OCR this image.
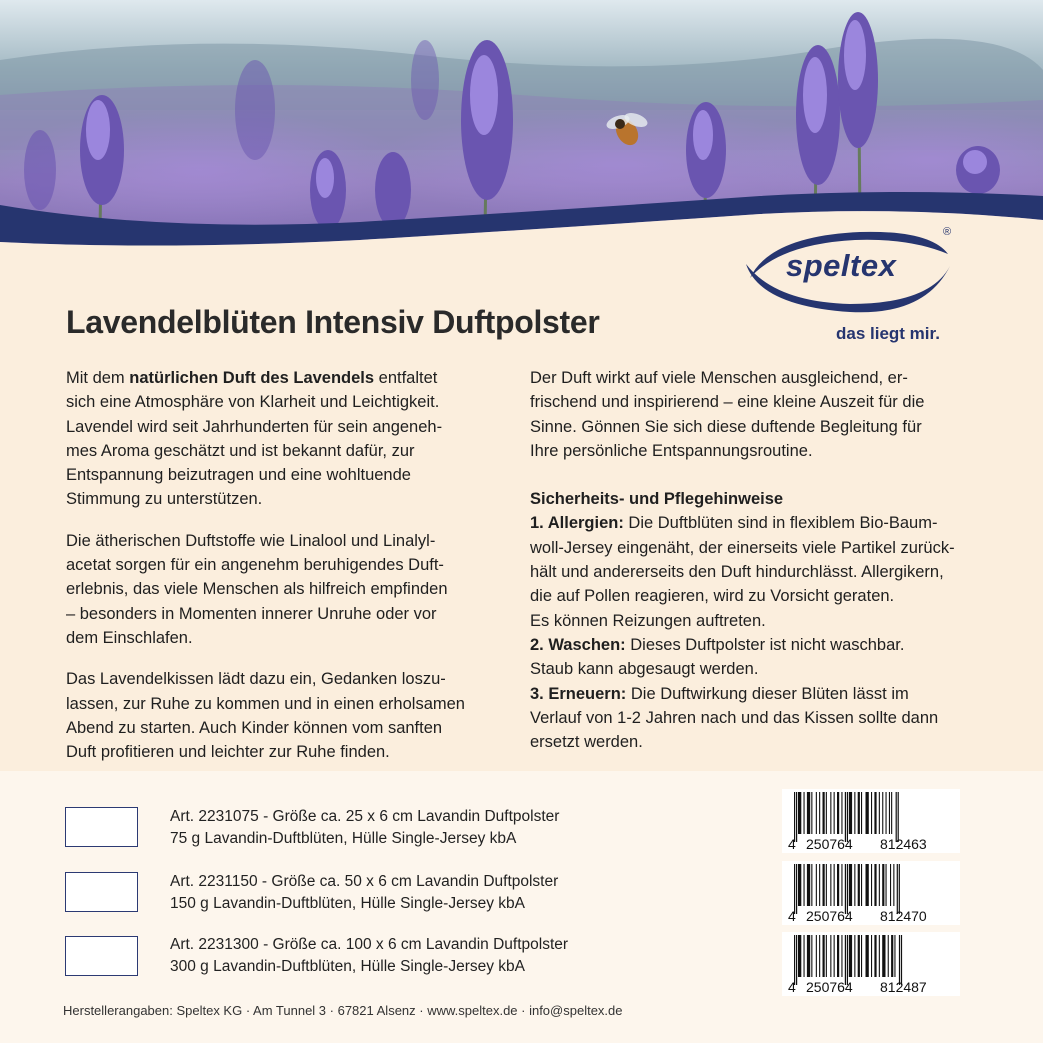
speltex
®
das liegt mir.
Lavendelblüten Intensiv Duftpolster

Mit dem natürlichen Duft des Lavendels entfaltet
sich eine Atmosphäre von Klarheit und Leichtigkeit.
Lavendel wird seit Jahrhunderten für sein angeneh-
mes Aroma geschätzt und ist bekannt dafür, zur
Entspannung beizutragen und eine wohltuende
Stimmung zu unterstützen.

Die ätherischen Duftstoffe wie Linalool und Linalyl-
acetat sorgen für ein angenehm beruhigendes Duft-
erlebnis, das viele Menschen als hilfreich empfinden
– besonders in Momenten innerer Unruhe oder vor
dem Einschlafen.

Das Lavendelkissen lädt dazu ein, Gedanken loszu-
lassen, zur Ruhe zu kommen und in einen erholsamen
Abend zu starten. Auch Kinder können vom sanften
Duft profitieren und leichter zur Ruhe finden.

Der Duft wirkt auf viele Menschen ausgleichend, er-
frischend und inspirierend – eine kleine Auszeit für die
Sinne. Gönnen Sie sich diese duftende Begleitung für
Ihre persönliche Entspannungsroutine.

Sicherheits- und Pflegehinweise
1. Allergien: Die Duftblüten sind in flexiblem Bio-Baum-
woll-Jersey eingenäht, der einerseits viele Partikel zurück-
hält und andererseits den Duft hindurchlässt. Allergikern,
die auf Pollen reagieren, wird zu Vorsicht geraten.
Es können Reizungen auftreten.
2. Waschen: Dieses Duftpolster ist nicht waschbar.
Staub kann abgesaugt werden.
3. Erneuern: Die Duftwirkung dieser Blüten lässt im
Verlauf von 1-2 Jahren nach und das Kissen sollte dann
ersetzt werden.
Art. 2231075 - Größe ca. 25 x 6 cm Lavandin Duftpolster
75 g Lavandin-Duftblüten, Hülle Single-Jersey kbA	4 250764 812463
Art. 2231150 - Größe ca. 50 x 6 cm Lavandin Duftpolster
150 g Lavandin-Duftblüten, Hülle Single-Jersey kbA
4 250764 812470
Art. 2231300 - Größe ca. 100 x 6 cm Lavandin Duftpolster
300 g Lavandin-Duftblüten, Hülle Single-Jersey kbA
4 250764 812487
Herstellerangaben: Speltex KG · Am Tunnel 3 · 67821 Alsenz · www.speltex.de · info@speltex.de
